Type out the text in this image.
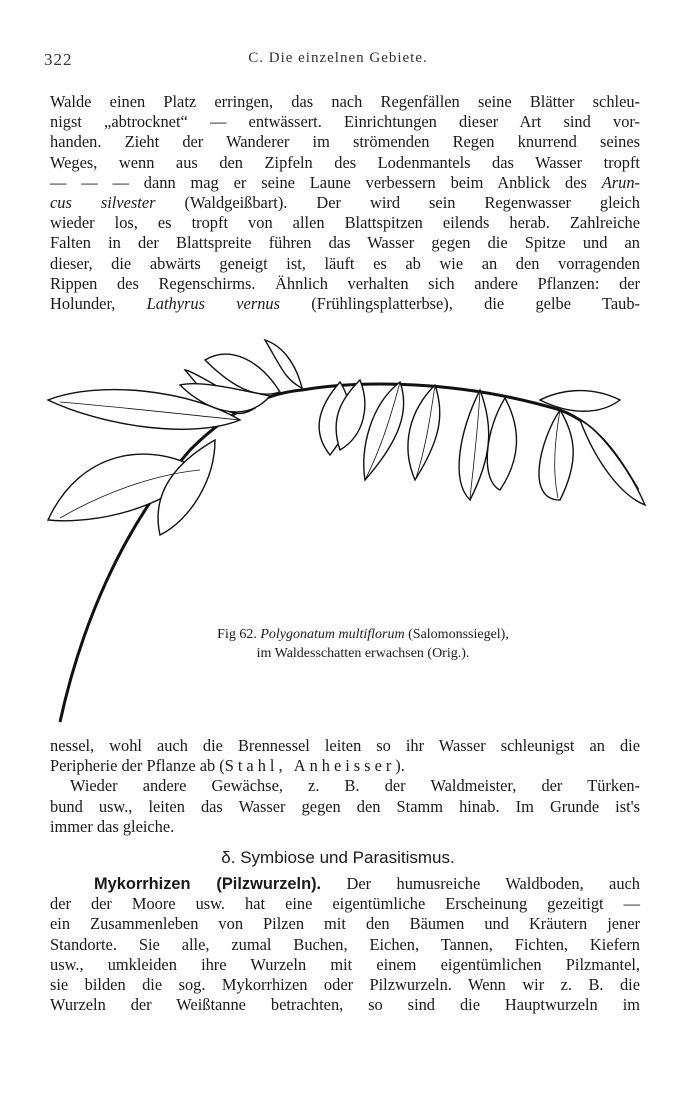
322	C. Die einzelnen Gebiete.
Walde einen Platz erringen, das nach Regenfällen seine Blätter schleu-
nigst „abtrocknet“ — entwässert. Einrichtungen dieser Art sind vor-
handen. Zieht der Wanderer im strömenden Regen knurrend seines
Weges, wenn aus den Zipfeln des Lodenmantels das Wasser tropft
— — — dann mag er seine Laune verbessern beim Anblick des Arun-
cus silvester (Waldgeißbart). Der wird sein Regenwasser gleich
wieder los, es tropft von allen Blattspitzen eilends herab. Zahlreiche
Falten in der Blattspreite führen das Wasser gegen die Spitze und an
dieser, die abwärts geneigt ist, läuft es ab wie an den vorragenden
Rippen des Regenschirms. Ähnlich verhalten sich andere Pflanzen: der
Holunder, Lathyrus vernus (Frühlingsplatterbse), die gelbe Taub-
Fig 62. Polygonatum multiflorum (Salomonssiegel),
im Waldesschatten erwachsen (Orig.).
nessel, wohl auch die Brennessel leiten so ihr Wasser schleunigst an die
Peripherie der Pflanze ab (Stahl, Anheisser).
Wieder andere Gewächse, z. B. der Waldmeister, der Türken-
bund usw., leiten das Wasser gegen den Stamm hinab. Im Grunde ist's
immer das gleiche.
δ. Symbiose und Parasitismus.
Mykorrhizen (Pilzwurzeln). Der humusreiche Waldboden, auch
der der Moore usw. hat eine eigentümliche Erscheinung gezeitigt —
ein Zusammenleben von Pilzen mit den Bäumen und Kräutern jener
Standorte. Sie alle, zumal Buchen, Eichen, Tannen, Fichten, Kiefern
usw., umkleiden ihre Wurzeln mit einem eigentümlichen Pilzmantel,
sie bilden die sog. Mykorrhizen oder Pilzwurzeln. Wenn wir z. B. die
Wurzeln der Weißtanne betrachten, so sind die Hauptwurzeln im
